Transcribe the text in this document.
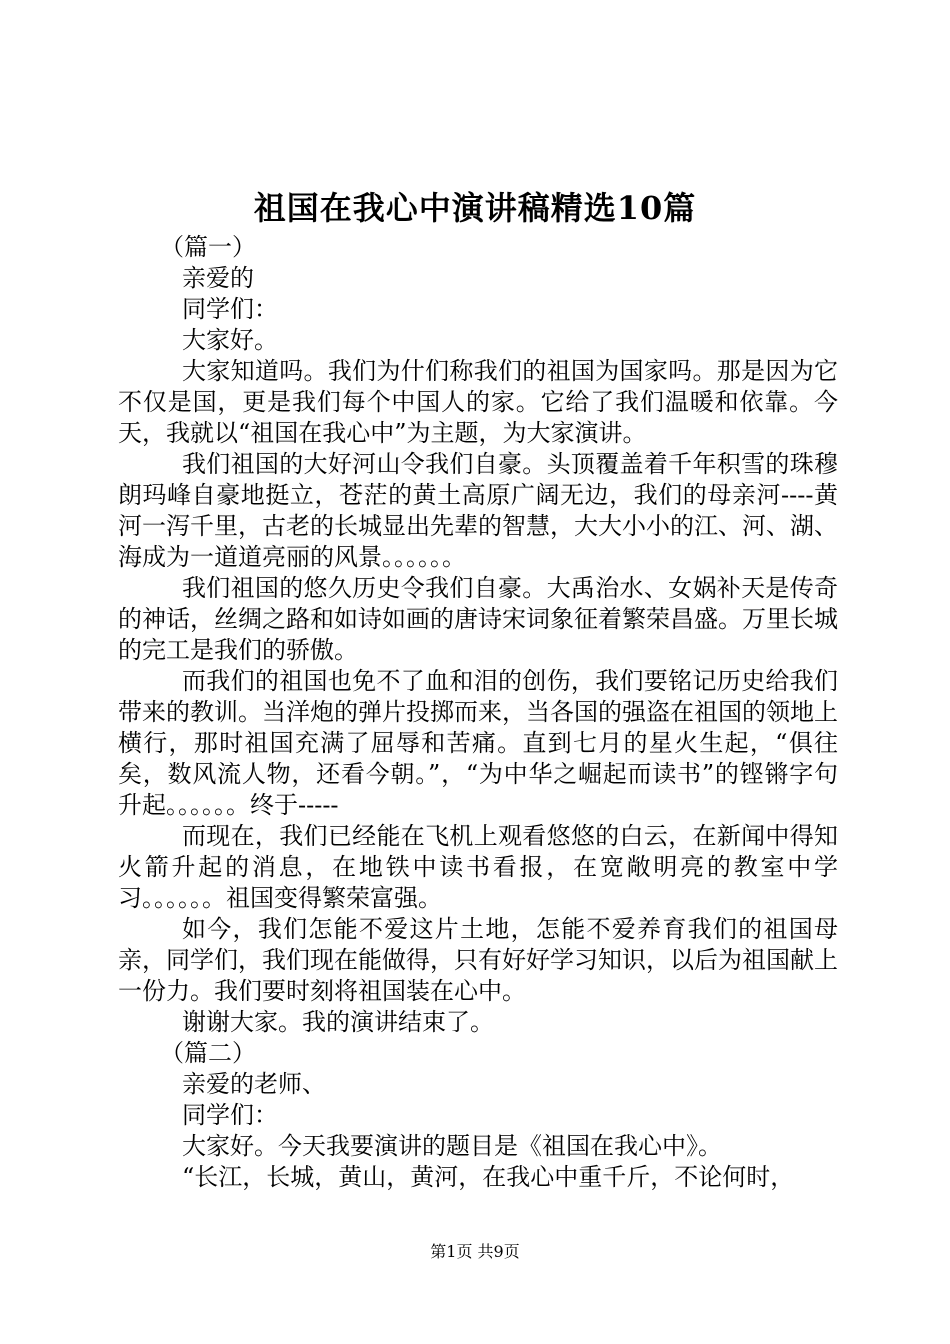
祖国在我心中演讲稿精选10篇

（篇一）

亲爱的

同学们：

大家好。

大家知道吗。我们为什们称我们的祖国为国家吗。那是因为它不仅是国，更是我们每个中国人的家。它给了我们温暖和依靠。今天，我就以“祖国在我心中”为主题，为大家演讲。

我们祖国的大好河山令我们自豪。头顶覆盖着千年积雪的珠穆朗玛峰自豪地挺立，苍茫的黄土高原广阔无边，我们的母亲河----黄河一泻千里，古老的长城显出先辈的智慧，大大小小的江、河、湖、海成为一道道亮丽的风景。。。。。。

我们祖国的悠久历史令我们自豪。大禹治水、女娲补天是传奇的神话，丝绸之路和如诗如画的唐诗宋词象征着繁荣昌盛。万里长城的完工是我们的骄傲。

而我们的祖国也免不了血和泪的创伤，我们要铭记历史给我们带来的教训。当洋炮的弹片投掷而来，当各国的强盗在祖国的领地上横行，那时祖国充满了屈辱和苦痛。直到七月的星火生起，“俱往矣，数风流人物，还看今朝。”，“为中华之崛起而读书”的铿锵字句升起。。。。。。终于-----

而现在，我们已经能在飞机上观看悠悠的白云，在新闻中得知火箭升起的消息，在地铁中读书看报，在宽敞明亮的教室中学习。。。。。。祖国变得繁荣富强。

如今，我们怎能不爱这片土地，怎能不爱养育我们的祖国母亲，同学们，我们现在能做得，只有好好学习知识，以后为祖国献上一份力。我们要时刻将祖国装在心中。

谢谢大家。我的演讲结束了。

（篇二）

亲爱的老师、

同学们：

大家好。今天我要演讲的题目是《祖国在我心中》。

“长江，长城，黄山，黄河，在我心中重千斤，不论何时，

第1页 共9页
